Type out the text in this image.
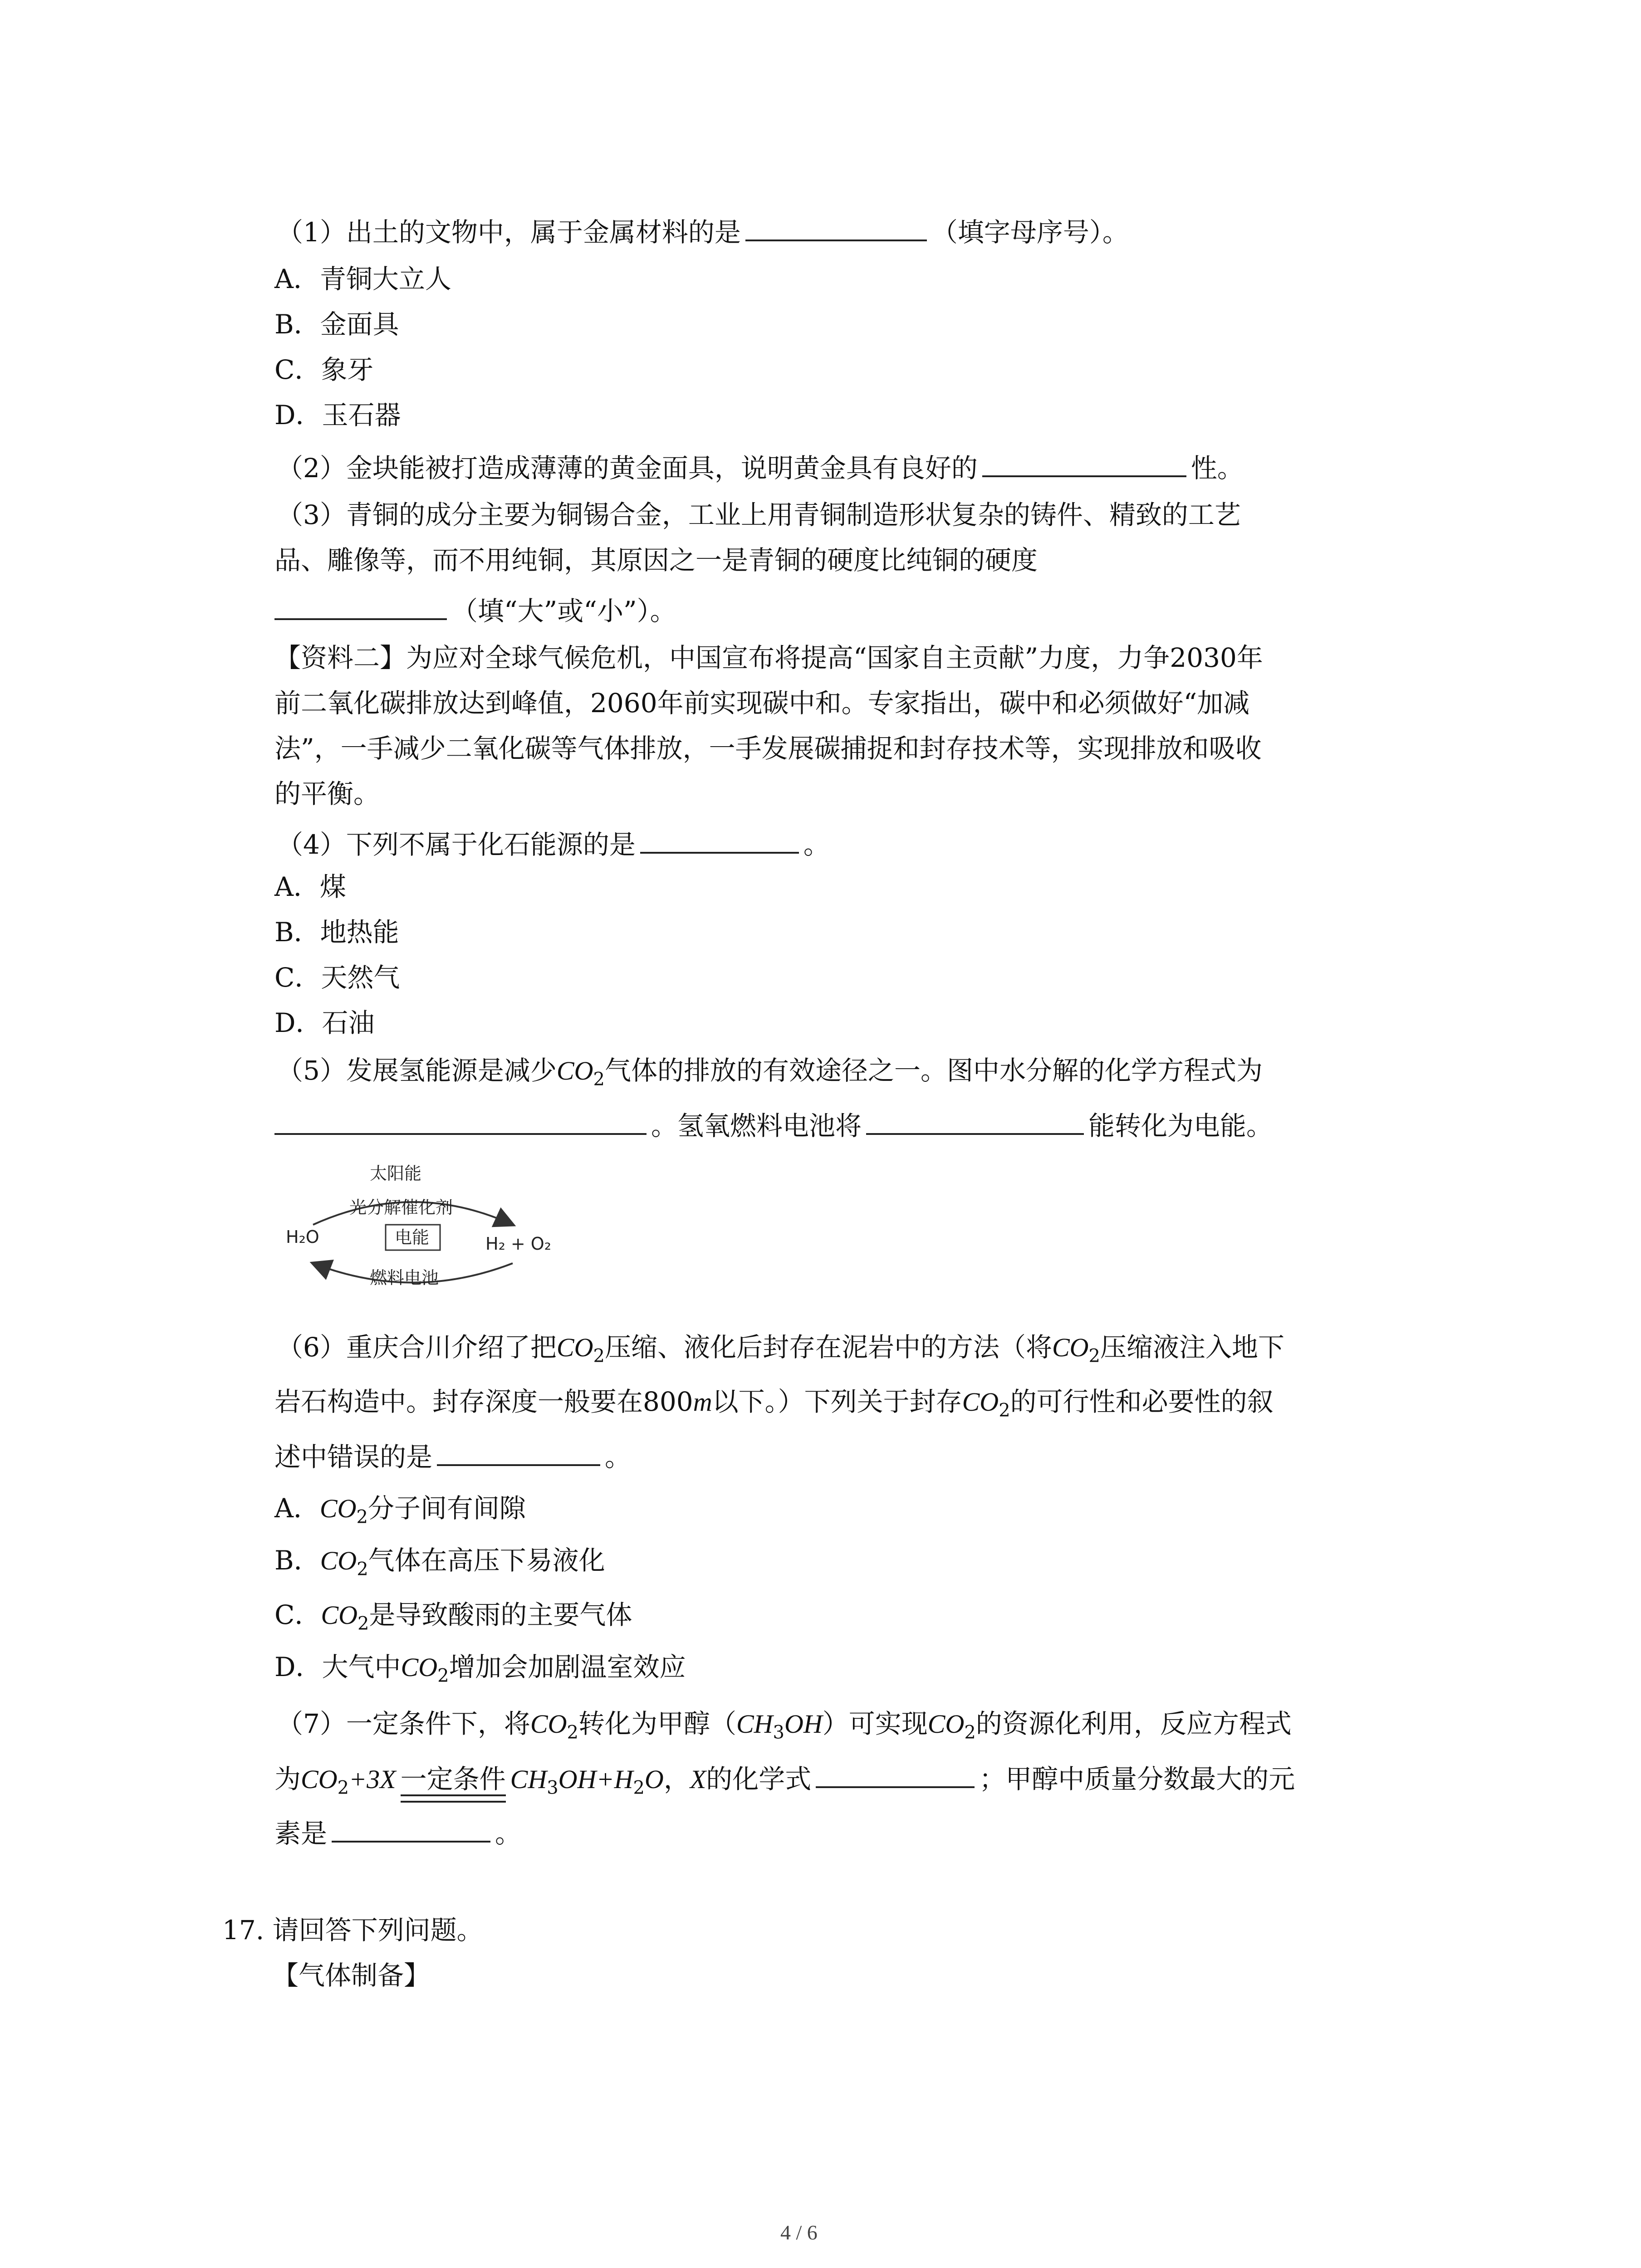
（1）出土的文物中，属于金属材料的是	（填字母序号）。
A．青铜大立人
B．金面具
C．象牙
D．玉石器
（2）金块能被打造成薄薄的黄金面具，说明黄金具有良好的	性。
（3）青铜的成分主要为铜锡合金，工业上用青铜制造形状复杂的铸件、精致的工艺
品、雕像等，而不用纯铜，其原因之一是青铜的硬度比纯铜的硬度
（填“大”或“小”）。
【资料二】为应对全球气候危机，中国宣布将提高“国家自主贡献”力度，力争2030年
前二氧化碳排放达到峰值，2060年前实现碳中和。专家指出，碳中和必须做好“加减
法”，一手减少二氧化碳等气体排放，一手发展碳捕捉和封存技术等，实现排放和吸收
的平衡。
（4）下列不属于化石能源的是	。
A．煤
B．地热能
C．天然气
D．石油
（5）发展氢能源是减少$CO_2$气体的排放的有效途径之一。图中水分解的化学方程式为
。氢氧燃料电池将	能转化为电能。
太阳能
光分解催化剂
H₂O	电能	H₂ + O₂
燃料电池
（6）重庆合川介绍了把$CO_2$压缩、液化后封存在泥岩中的方法（将$CO_2$压缩液注入地下
岩石构造中。封存深度一般要在800m以下。）下列关于封存$CO_2$的可行性和必要性的叙
述中错误的是	。
A．$CO_2$分子间有间隙
B．$CO_2$气体在高压下易液化
C．$CO_2$是导致酸雨的主要气体
D．大气中$CO_2$增加会加剧温室效应
（7）一定条件下，将$CO_2$转化为甲醇$(CH_3OH)$可实现$CO_2$的资源化利用，反应方程式
为$CO_2+3X$ 一定条件 $CH_3OH+H_2O$，X的化学式	；甲醇中质量分数最大的元
素是	。
17. 请回答下列问题。
【气体制备】
4 / 6
